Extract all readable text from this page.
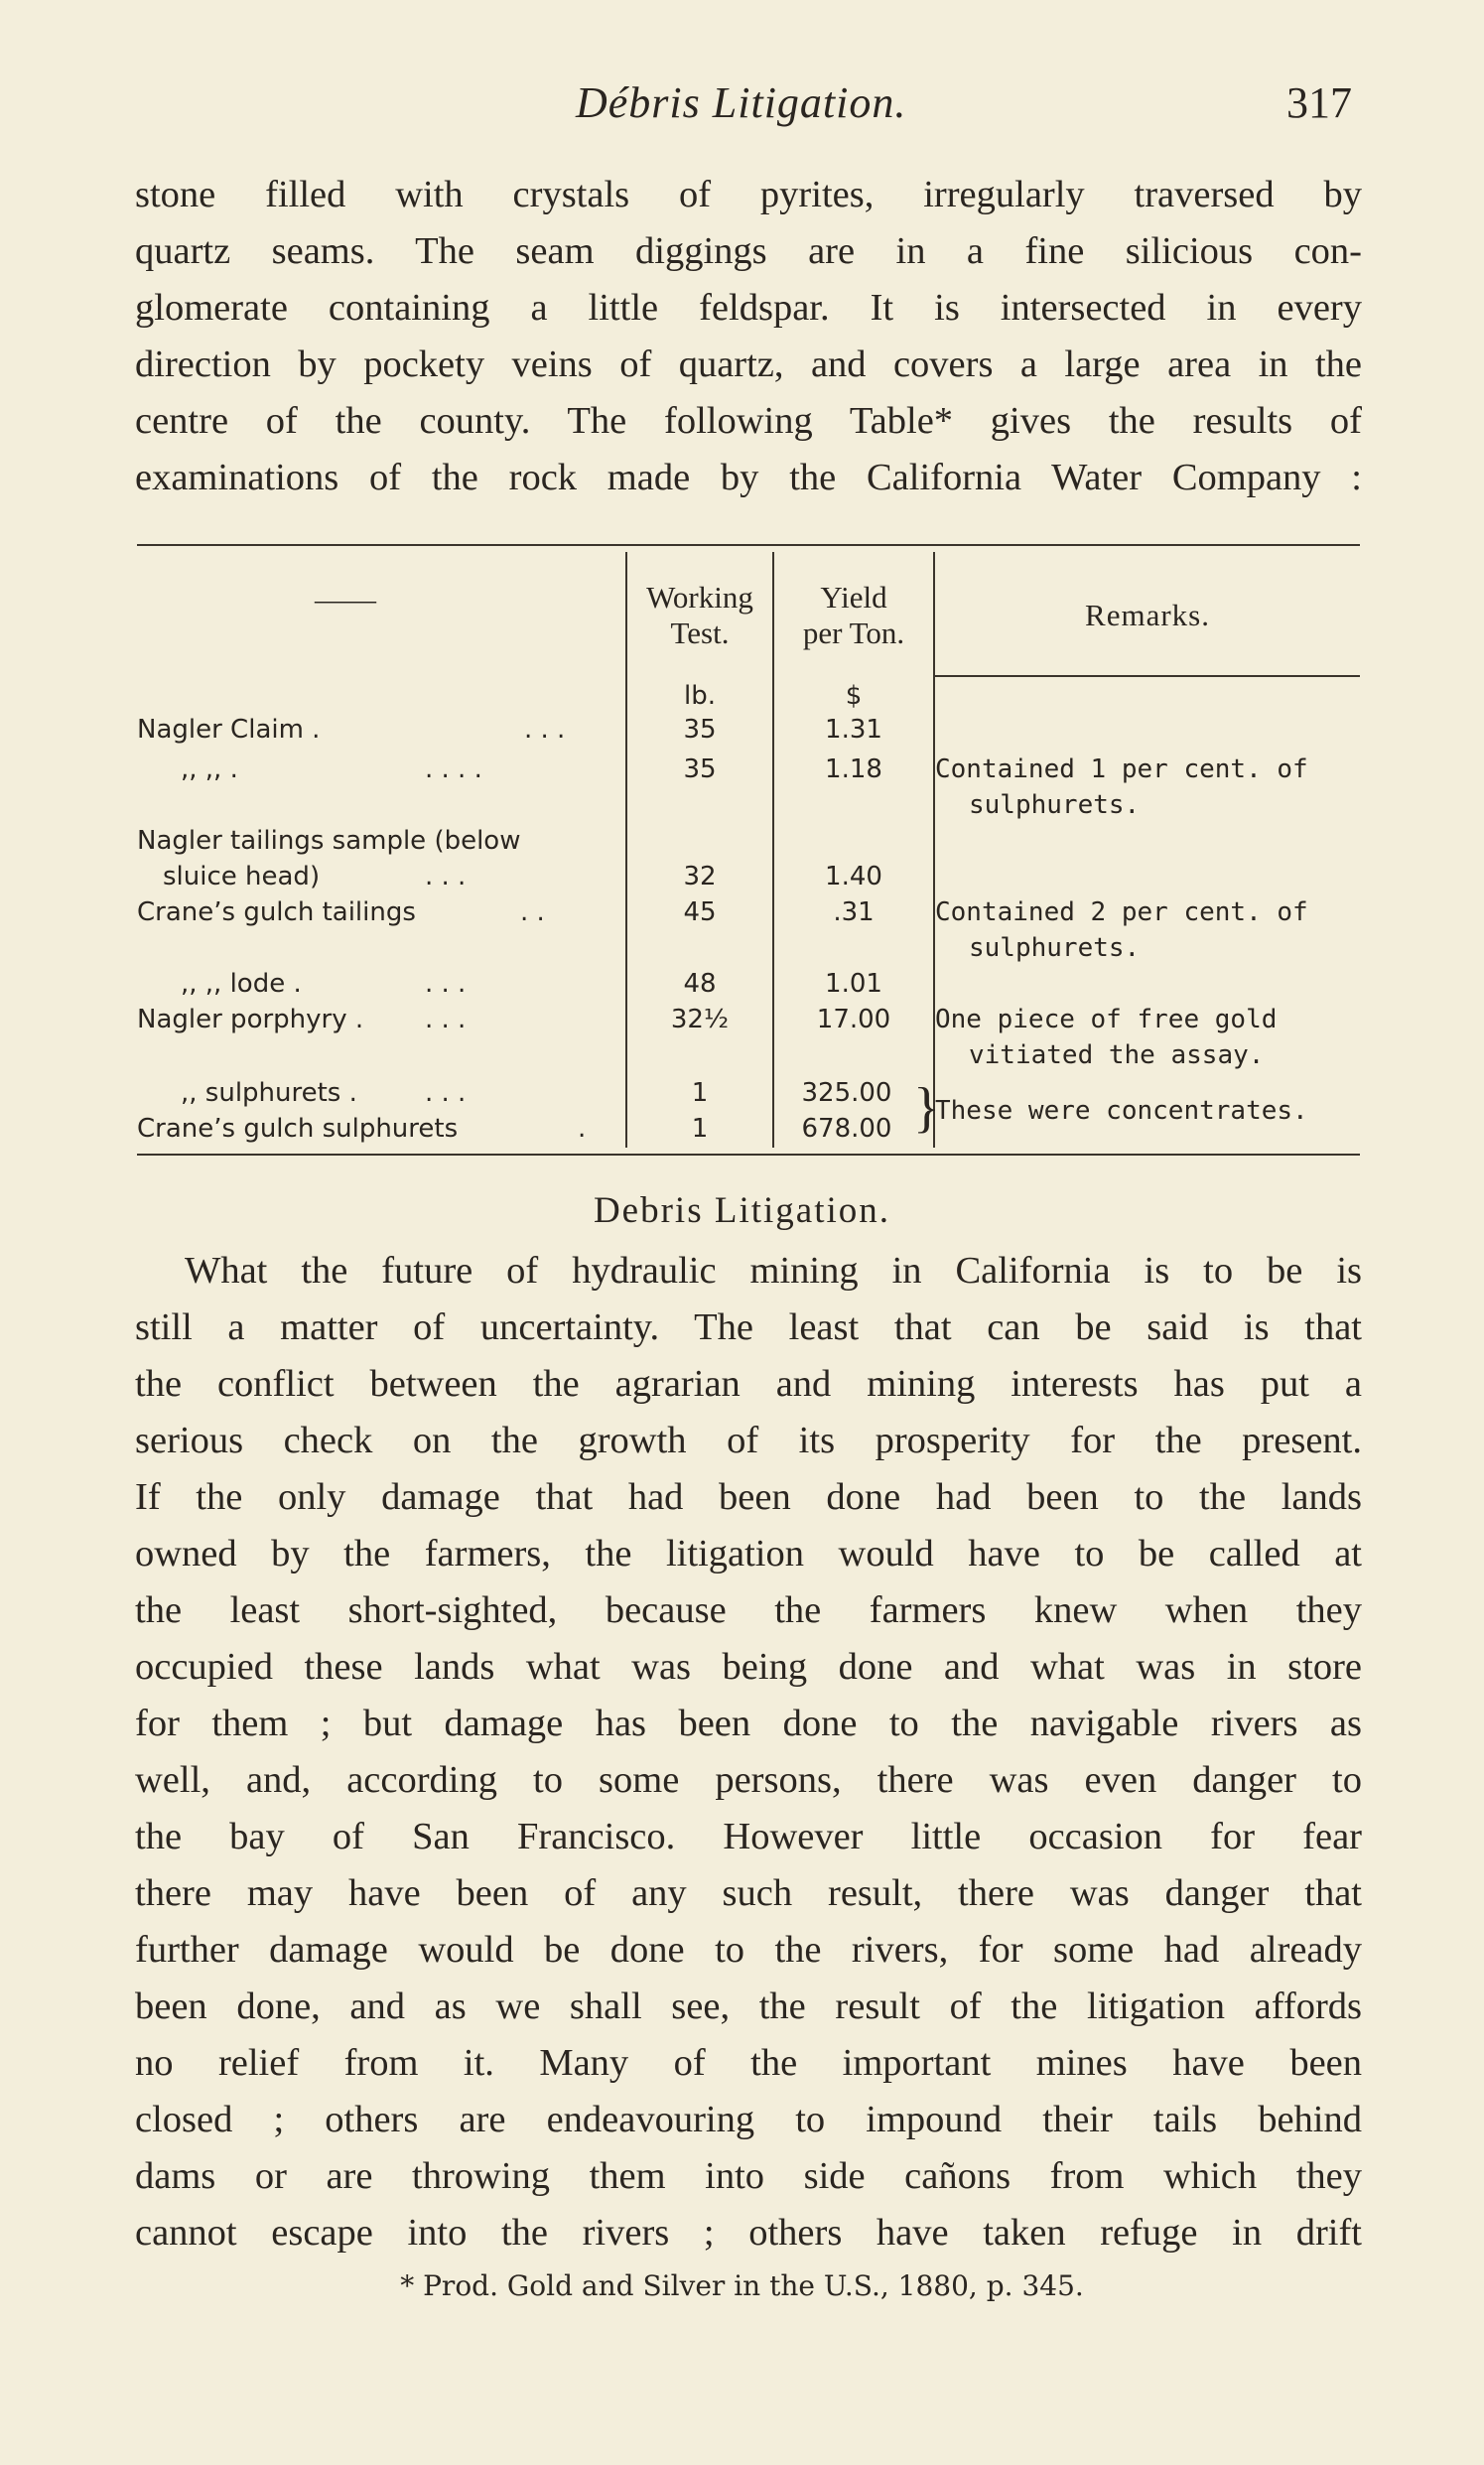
Débris Litigation.	317
stone filled with crystals of pyrites, irregularly traversed by
quartz seams. The seam diggings are in a fine silicious con-
glomerate containing a little feldspar. It is intersected in every
direction by pockety veins of quartz, and covers a large area in the
centre of the county. The following Table* gives the results of
examinations of the rock made by the California Water Company :
——	Working
Test.
Yield
per Ton.
Remarks.
lb.	$
Nagler Claim .	. . .	35	1.31
,, ,, .	. . . .	35	1.18	Contained 1 per cent. of
sulphurets.
Nagler tailings sample (below
sluice head)	. . .	32	1.40
Crane’s gulch tailings	. .	45	.31	Contained 2 per cent. of
sulphurets.
,, ,, lode .	. . .	48	1.01
Nagler porphyry . . . .	32½	17.00	One piece of free gold
vitiated the assay.
,, sulphurets .	. . .	1	325.00
Crane’s gulch sulphurets	.	1	678.00 }
These were concentrates.
Debris Litigation.
What the future of hydraulic mining in California is to be is
still a matter of uncertainty. The least that can be said is that
the conflict between the agrarian and mining interests has put a
serious check on the growth of its prosperity for the present.
If the only damage that had been done had been to the lands
owned by the farmers, the litigation would have to be called at
the least short-sighted, because the farmers knew when they
occupied these lands what was being done and what was in store
for them ; but damage has been done to the navigable rivers as
well, and, according to some persons, there was even danger to
the bay of San Francisco. However little occasion for fear
there may have been of any such result, there was danger that
further damage would be done to the rivers, for some had already
been done, and as we shall see, the result of the litigation affords
no relief from it. Many of the important mines have been
closed ; others are endeavouring to impound their tails behind
dams or are throwing them into side cañons from which they
cannot escape into the rivers ; others have taken refuge in drift
* Prod. Gold and Silver in the U.S., 1880, p. 345.
